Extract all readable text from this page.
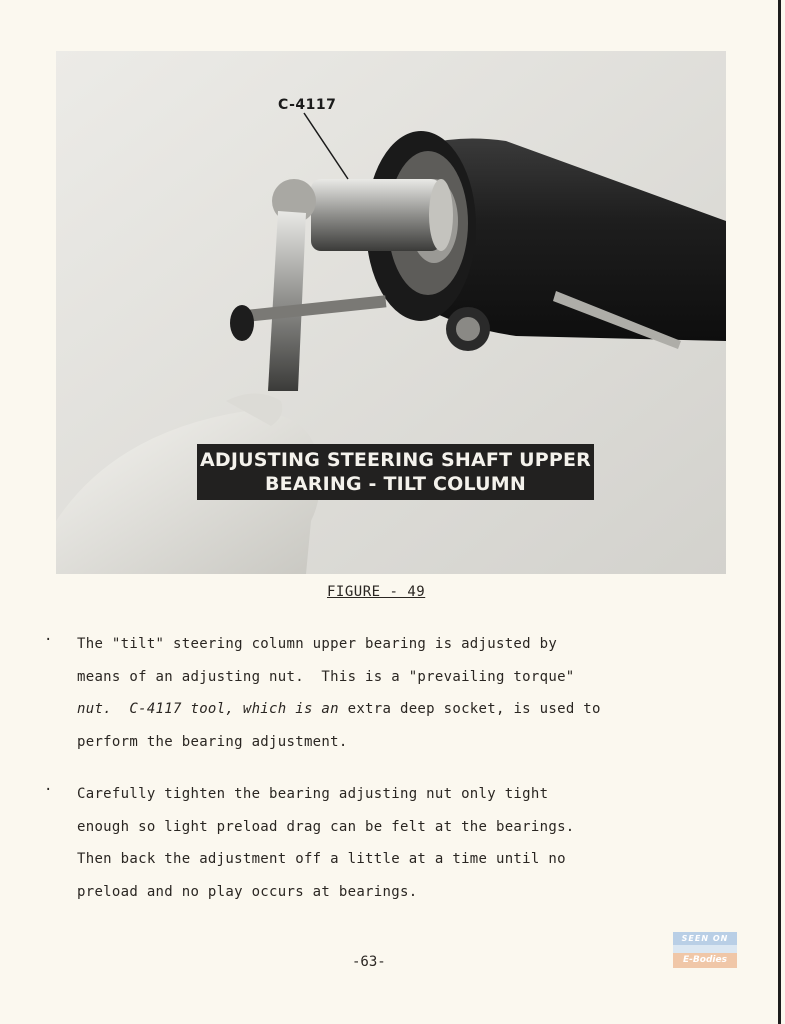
C-4117
ADJUSTING STEERING SHAFT UPPER
BEARING - TILT COLUMN
FIGURE - 49
. The "tilt" steering column upper bearing is adjusted by
means of an adjusting nut.  This is a "prevailing torque"
nut.  C-4117 tool, which is an extra deep socket, is used to
perform the bearing adjustment.
. Carefully tighten the bearing adjusting nut only tight
enough so light preload drag can be felt at the bearings.
Then back the adjustment off a little at a time until no
preload and no play occurs at bearings.
-63-
SEEN ON
E-Bodies
